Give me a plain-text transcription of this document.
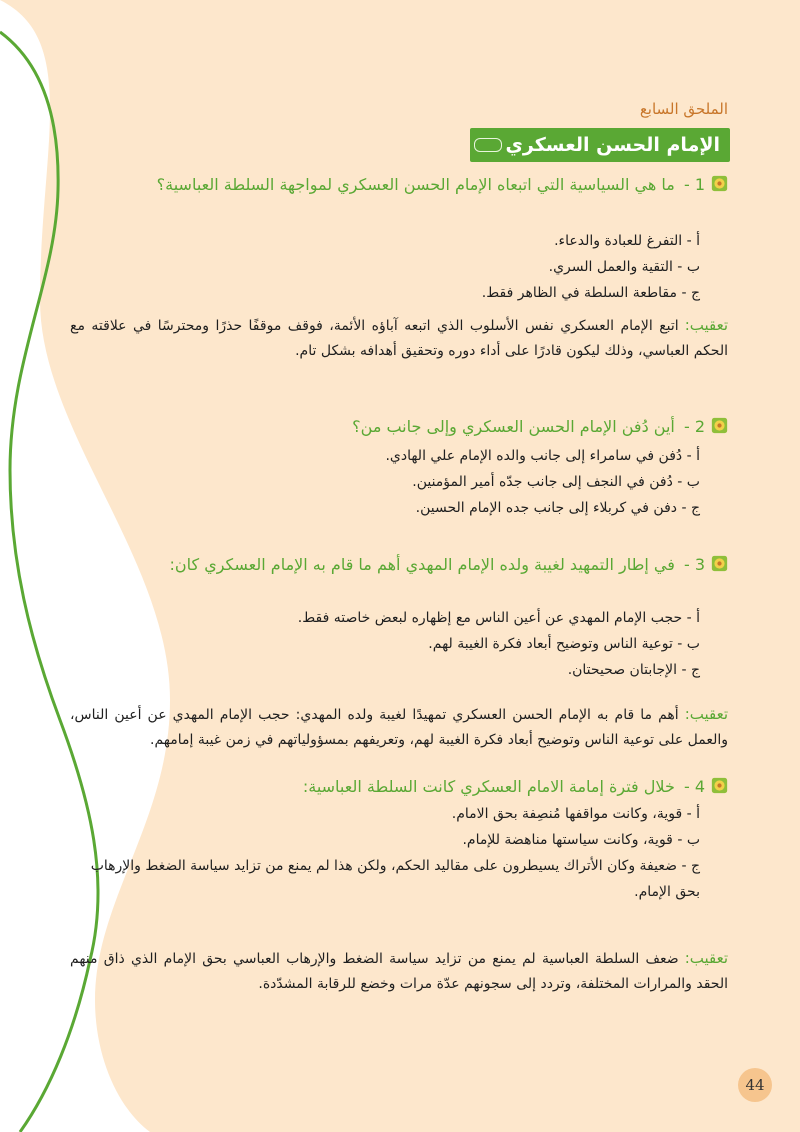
الملحق السابع
الإمام الحسن العسكري
1 - ما هي السياسية التي اتبعاه الإمام الحسن العسكري لمواجهة السلطة العباسية؟
أ - التفرغ للعبادة والدعاء.
ب - التقية والعمل السري.
ج - مقاطعة السلطة في الظاهر فقط.
تعقيب:اتبع الإمام العسكري نفس الأسلوب الذي اتبعه آباؤه الأئمة، فوقف موقفًا حذرًا ومحترسًا في علاقته مع الحكم العباسي، وذلك ليكون قادرًا على أداء دوره وتحقيق أهدافه بشكل تام.
2 - أين دُفن الإمام الحسن العسكري وإلى جانب من؟
أ - دُفن في سامراء إلى جانب والده الإمام علي الهادي.
ب - دُفن في النجف إلى جانب جدّه أمير المؤمنين.
ج - دفن في كربلاء إلى جانب جده الإمام الحسين.
3 - في إطار التمهيد لغيبة ولده الإمام المهدي أهم ما قام به الإمام العسكري كان:
أ - حجب الإمام المهدي عن أعين الناس مع إظهاره لبعض خاصته فقط.
ب - توعية الناس وتوضيح أبعاد فكرة الغيبة لهم.
ج - الإجابتان صحيحتان.
تعقيب:أهم ما قام به الإمام الحسن العسكري تمهيدًا لغيبة ولده المهدي: حجب الإمام المهدي عن أعين الناس، والعمل على توعية الناس وتوضيح أبعاد فكرة الغيبة لهم، وتعريفهم بمسؤولياتهم في زمن غيبة إمامهم.
4 - خلال فترة إمامة الامام العسكري كانت السلطة العباسية:
أ - قوية، وكانت مواقفها مُنصِفة بحق الامام.
ب - قوية، وكانت سياستها مناهضة للإمام.
ج - ضعيفة وكان الأتراك يسيطرون على مقاليد الحكم، ولكن هذا لم يمنع من تزايد سياسة الضغط والإرهاب بحق الإمام.
تعقيب:ضعف السلطة العباسية لم يمنع من تزايد سياسة الضغط والإرهاب العباسي بحق الإمام الذي ذاق منهم الحقد والمرارات المختلفة، وتردد إلى سجونهم عدّة مرات وخضع للرقابة المشدّدة.
44
